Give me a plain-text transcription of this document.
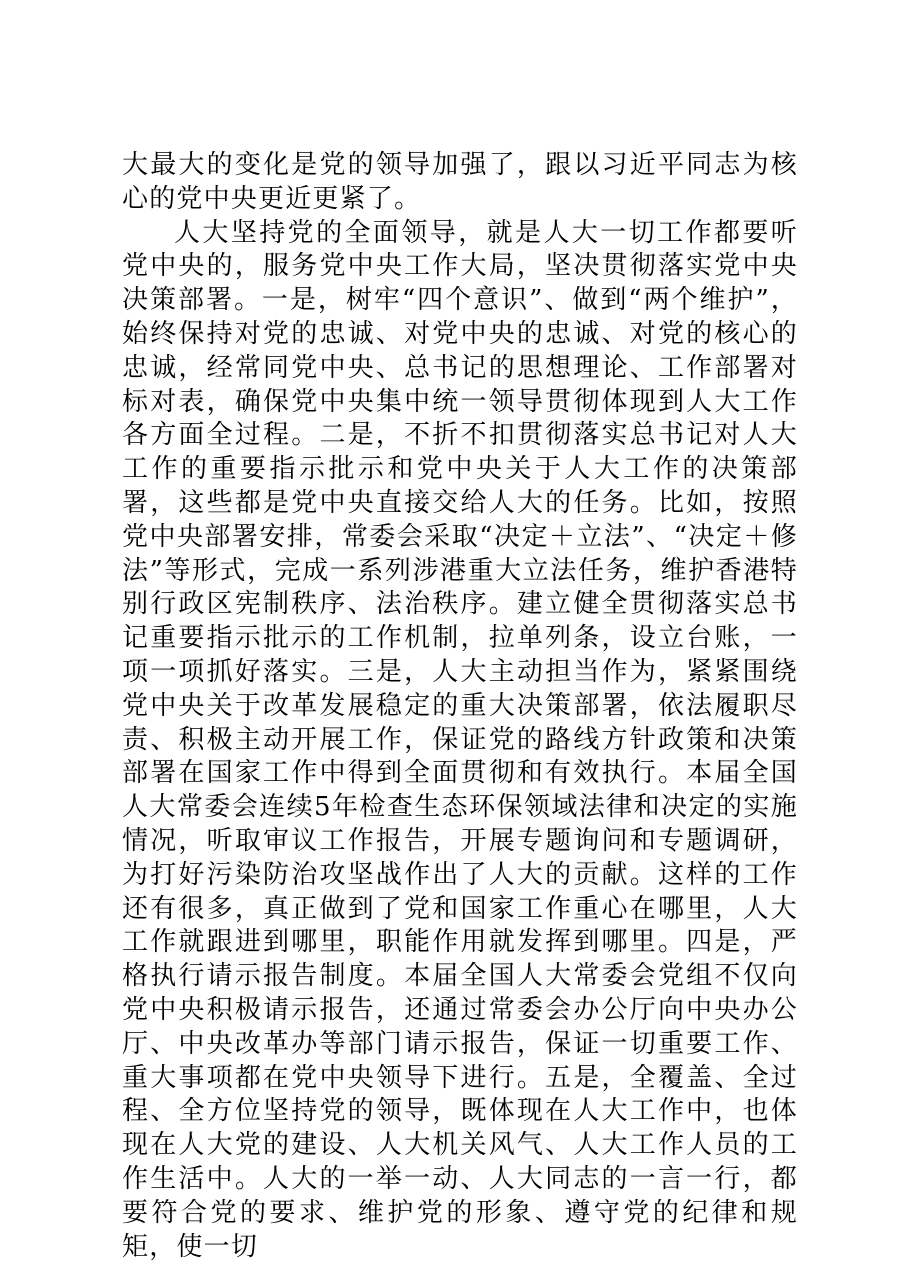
大最大的变化是党的领导加强了，跟以习近平同志为核心的党中央更近更紧了。

人大坚持党的全面领导，就是人大一切工作都要听党中央的，服务党中央工作大局，坚决贯彻落实党中央决策部署。一是，树牢“四个意识”、做到“两个维护”，始终保持对党的忠诚、对党中央的忠诚、对党的核心的忠诚，经常同党中央、总书记的思想理论、工作部署对标对表，确保党中央集中统一领导贯彻体现到人大工作各方面全过程。二是，不折不扣贯彻落实总书记对人大工作的重要指示批示和党中央关于人大工作的决策部署，这些都是党中央直接交给人大的任务。比如，按照党中央部署安排，常委会采取“决定＋立法”、“决定＋修法”等形式，完成一系列涉港重大立法任务，维护香港特别行政区宪制秩序、法治秩序。建立健全贯彻落实总书记重要指示批示的工作机制，拉单列条，设立台账，一项一项抓好落实。三是，人大主动担当作为，紧紧围绕党中央关于改革发展稳定的重大决策部署，依法履职尽责、积极主动开展工作，保证党的路线方针政策和决策部署在国家工作中得到全面贯彻和有效执行。本届全国人大常委会连续5年检查生态环保领域法律和决定的实施情况，听取审议工作报告，开展专题询问和专题调研，为打好污染防治攻坚战作出了人大的贡献。这样的工作还有很多，真正做到了党和国家工作重心在哪里，人大工作就跟进到哪里，职能作用就发挥到哪里。四是，严格执行请示报告制度。本届全国人大常委会党组不仅向党中央积极请示报告，还通过常委会办公厅向中央办公厅、中央改革办等部门请示报告，保证一切重要工作、重大事项都在党中央领导下进行。五是，全覆盖、全过程、全方位坚持党的领导，既体现在人大工作中，也体现在人大党的建设、人大机关风气、人大工作人员的工作生活中。人大的一举一动、人大同志的一言一行，都要符合党的要求、维护党的形象、遵守党的纪律和规矩，使一切
